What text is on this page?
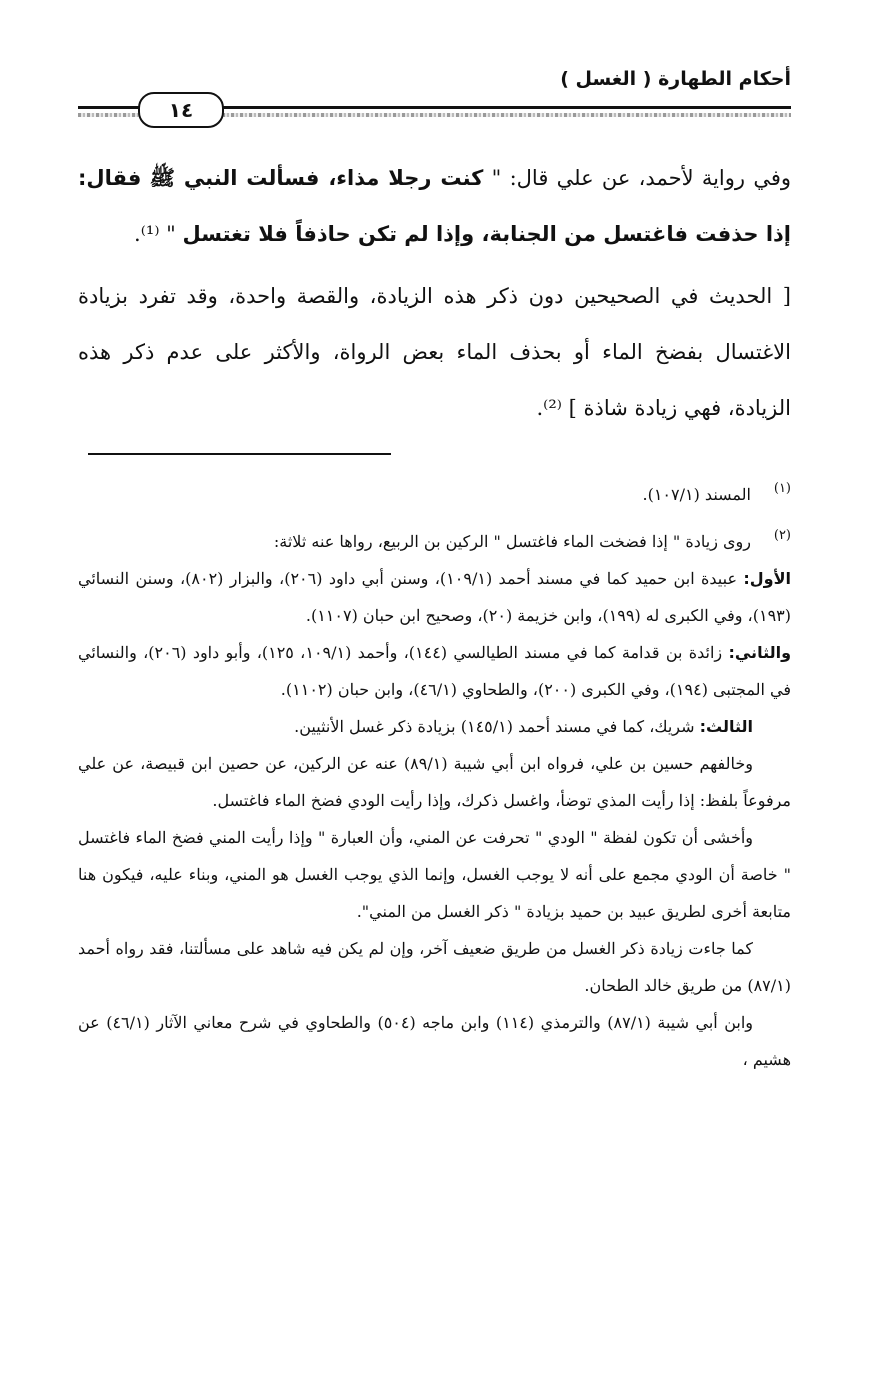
أحكام الطهارة ( الغسل )
١٤

وفي رواية لأحمد، عن علي قال: " كنت رجلا مذاء، فسألت النبي ﷺ فقال: إذا حذفت فاغتسل من الجنابة، وإذا لم تكن حاذفاً فلا تغتسل " ⁽¹⁾.

[ الحديث في الصحيحين دون ذكر هذه الزيادة، والقصة واحدة، وقد تفرد بزيادة الاغتسال بفضخ الماء أو بحذف الماء بعض الرواة، والأكثر على عدم ذكر هذه الزيادة، فهي زيادة شاذة ] ⁽²⁾.

(١)
المسند (١٠٧/١).

(٢)
روى زيادة " إذا فضخت الماء فاغتسل " الركين بن الربيع، رواها عنه ثلاثة:

الأول: عبيدة ابن حميد كما في مسند أحمد (١٠٩/١)، وسنن أبي داود (٢٠٦)، والبزار (٨٠٢)، وسنن النسائي (١٩٣)، وفي الكبرى له (١٩٩)، وابن خزيمة (٢٠)، وصحيح ابن حبان (١١٠٧).

والثاني: زائدة بن قدامة كما في مسند الطيالسي (١٤٤)، وأحمد (١٠٩/١، ١٢٥)، وأبو داود (٢٠٦)، والنسائي في المجتبى (١٩٤)، وفي الكبرى (٢٠٠)، والطحاوي (٤٦/١)، وابن حبان (١١٠٢).

الثالث: شريك، كما في مسند أحمد (١٤٥/١) بزيادة ذكر غسل الأنثيين.

وخالفهم حسين بن علي، فرواه ابن أبي شيبة (٨٩/١) عنه عن الركين، عن حصين ابن قبيصة، عن علي مرفوعاً بلفظ: إذا رأيت المذي توضأ، واغسل ذكرك، وإذا رأيت الودي فضخ الماء فاغتسل.

وأخشى أن تكون لفظة " الودي " تحرفت عن المني، وأن العبارة " وإذا رأيت المني فضخ الماء فاغتسل " خاصة أن الودي مجمع على أنه لا يوجب الغسل، وإنما الذي يوجب الغسل هو المني، وبناء عليه، فيكون هنا متابعة أخرى لطريق عبيد بن حميد بزيادة " ذكر الغسل من المني".

كما جاءت زيادة ذكر الغسل من طريق ضعيف آخر، وإن لم يكن فيه شاهد على مسألتنا، فقد رواه أحمد (٨٧/١) من طريق خالد الطحان.

وابن أبي شيبة (٨٧/١) والترمذي (١١٤) وابن ماجه (٥٠٤) والطحاوي في شرح معاني الآثار (٤٦/١) عن هشيم ،
